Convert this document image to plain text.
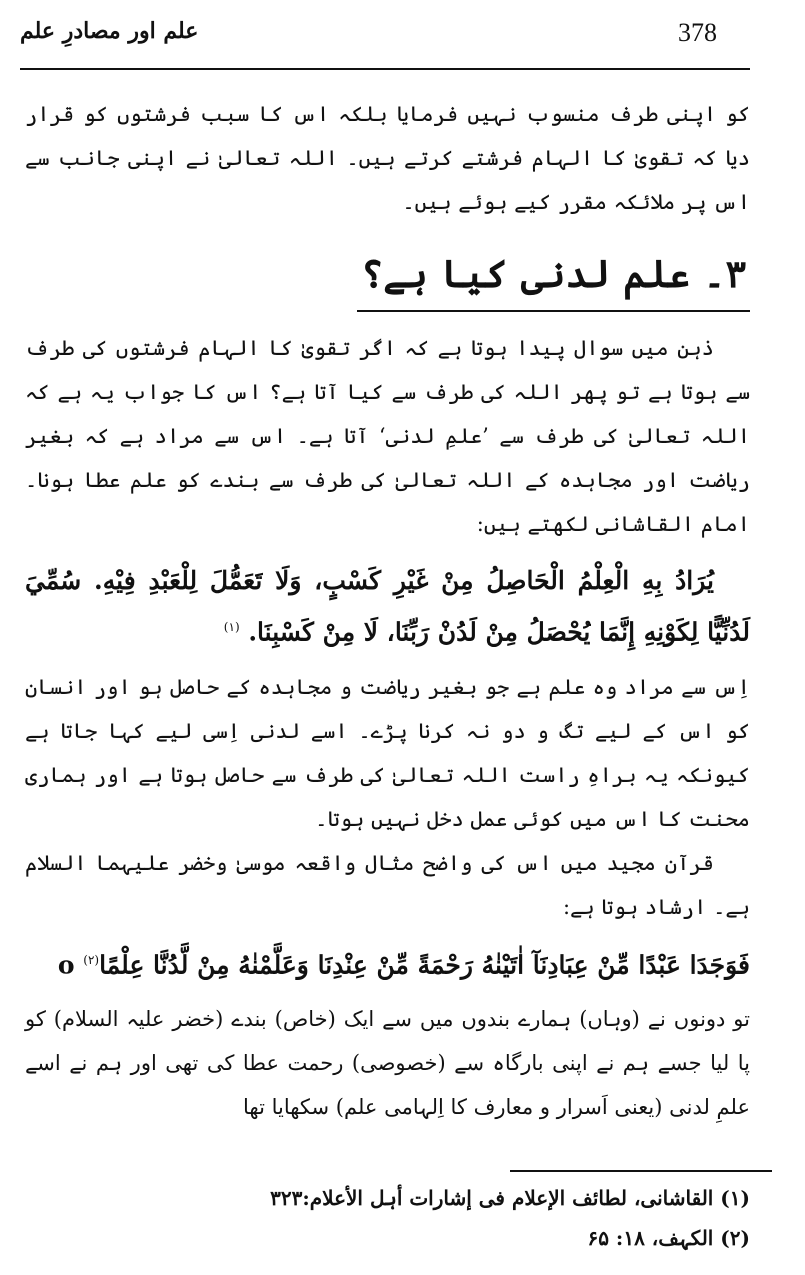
378
علم اور مصادرِ علم

کو اپنی طرف منسوب نہیں فرمایا بلکہ اس کا سبب فرشتوں کو قرار دیا کہ تقویٰ کا الہام فرشتے کرتے ہیں۔ اللہ تعالیٰ نے اپنی جانب سے اس پر ملائکہ مقرر کیے ہوئے ہیں۔

۳۔ علم لدنی کیا ہے؟

ذہن میں سوال پیدا ہوتا ہے کہ اگر تقویٰ کا الہام فرشتوں کی طرف سے ہوتا ہے تو پھر اللہ کی طرف سے کیا آتا ہے؟ اس کا جواب یہ ہے کہ اللہ تعالیٰ کی طرف سے ’علمِ لدنی‘ آتا ہے۔ اس سے مراد ہے کہ بغیر ریاضت اور مجاہدہ کے اللہ تعالیٰ کی طرف سے بندے کو علم عطا ہونا۔ امام القاشانی لکھتے ہیں:

يُرَادُ بِهِ الْعِلْمُ الْحَاصِلُ مِنْ غَيْرِ كَسْبٍ، وَلَا تَعَمُّلَ لِلْعَبْدِ فِيْهِ. سُمِّيَ لَدُنِّيًّا لِكَوْنِهِ إِنَّمَا يُحْصَلُ مِنْ لَدُنْ رَبِّنَا، لَا مِنْ كَسْبِنَا. $^{(۱)}$

اِس سے مراد وہ علم ہے جو بغیر ریاضت و مجاہدہ کے حاصل ہو اور انسان کو اس کے لیے تگ و دو نہ کرنا پڑے۔ اسے لدنی اِسی لیے کہا جاتا ہے کیونکہ یہ براہِ راست اللہ تعالیٰ کی طرف سے حاصل ہوتا ہے اور ہماری محنت کا اس میں کوئی عمل دخل نہیں ہوتا۔

قرآن مجید میں اس کی واضح مثال واقعہ موسیٰ وخضر علیہما السلام ہے۔ ارشاد ہوتا ہے:

فَوَجَدَا عَبْدًا مِّنْ عِبَادِنَآ اٰتَيْنٰهُ رَحْمَةً مِّنْ عِنْدِنَا وَعَلَّمْنٰهُ مِنْ لَّدُنَّا عِلْمًاo $^{(۲)}$

تو دونوں نے (وہاں) ہمارے بندوں میں سے ایک (خاص) بندے (خضر علیہ السلام) کو پا لیا جسے ہم نے اپنی بارگاہ سے (خصوصی) رحمت عطا کی تھی اور ہم نے اسے علمِ لدنی (یعنی اَسرار و معارف کا اِلہامی علم) سکھایا تھا

(۱) القاشانی، لطائف الإعلام فی إشارات أہل الأعلام:۳۲۳

(۲) الکہف، ۱۸: ۶۵
